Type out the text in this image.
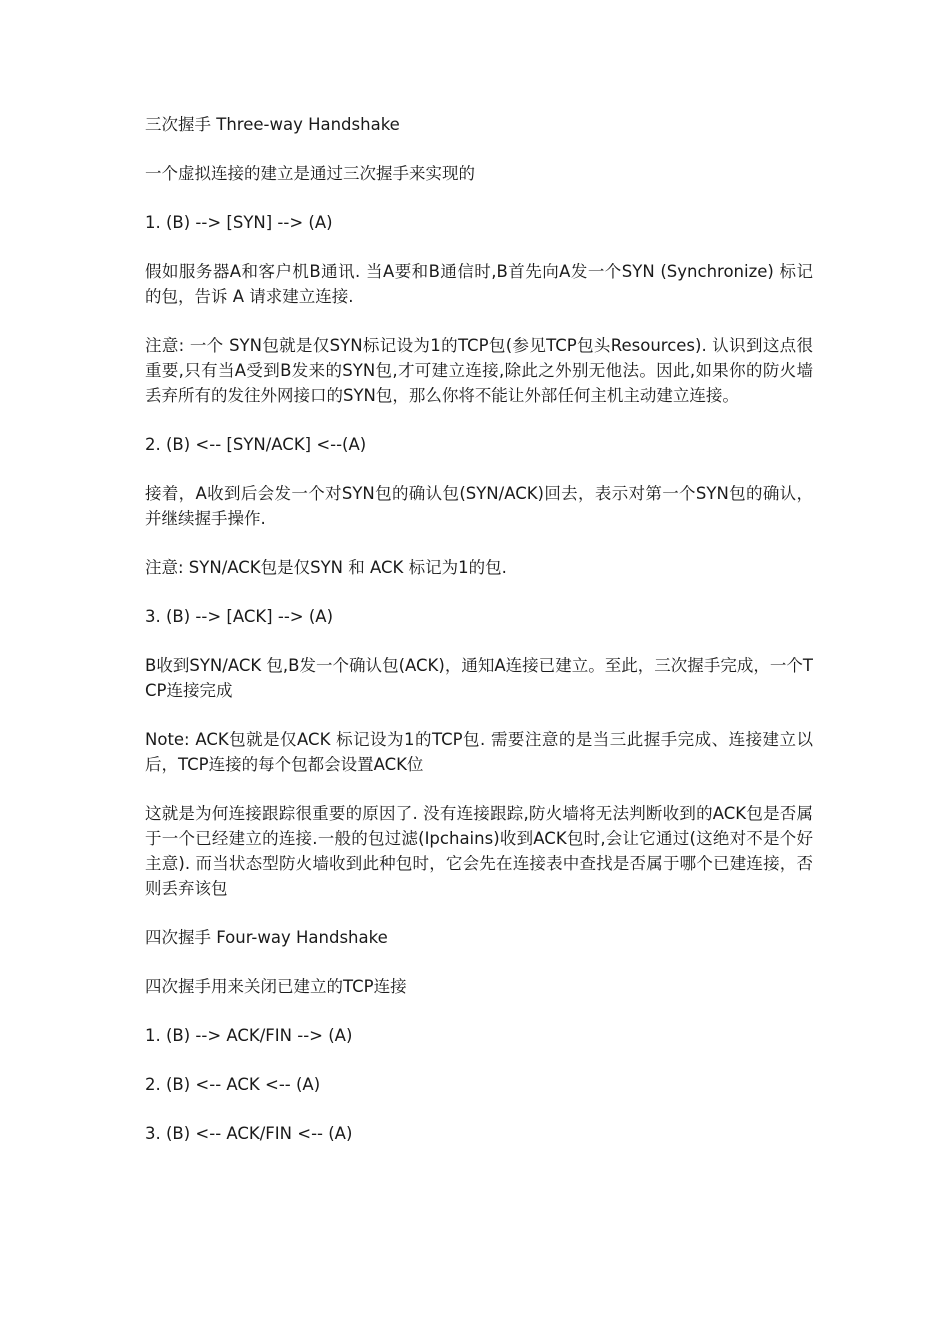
三次握手 Three-way Handshake

一个虚拟连接的建立是通过三次握手来实现的

1. (B) --> [SYN] --> (A)

假如服务器A和客户机B通讯. 当A要和B通信时,B首先向A发一个SYN (Synchronize) 标记的包，告诉 A 请求建立连接.

注意: 一个 SYN包就是仅SYN标记设为1的TCP包(参见TCP包头Resources). 认识到这点很重要,只有当A受到B发来的SYN包,才可建立连接,除此之外别无他法。因此,如果你的防火墙丢弃所有的发往外网接口的SYN包，那么你将不能让外部任何主机主动建立连接。

2. (B) <-- [SYN/ACK] <--(A)

接着，A收到后会发一个对SYN包的确认包(SYN/ACK)回去，表示对第一个SYN包的确认，并继续握手操作.

注意: SYN/ACK包是仅SYN 和 ACK 标记为1的包.

3. (B) --> [ACK] --> (A)

B收到SYN/ACK 包,B发一个确认包(ACK)，通知A连接已建立。至此，三次握手完成，一个TCP连接完成

Note: ACK包就是仅ACK 标记设为1的TCP包. 需要注意的是当三此握手完成、连接建立以后，TCP连接的每个包都会设置ACK位

这就是为何连接跟踪很重要的原因了. 没有连接跟踪,防火墙将无法判断收到的ACK包是否属于一个已经建立的连接.一般的包过滤(Ipchains)收到ACK包时,会让它通过(这绝对不是个好主意). 而当状态型防火墙收到此种包时，它会先在连接表中查找是否属于哪个已建连接，否则丢弃该包

四次握手 Four-way Handshake

四次握手用来关闭已建立的TCP连接

1. (B) --> ACK/FIN --> (A)

2. (B) <-- ACK <-- (A)

3. (B) <-- ACK/FIN <-- (A)
